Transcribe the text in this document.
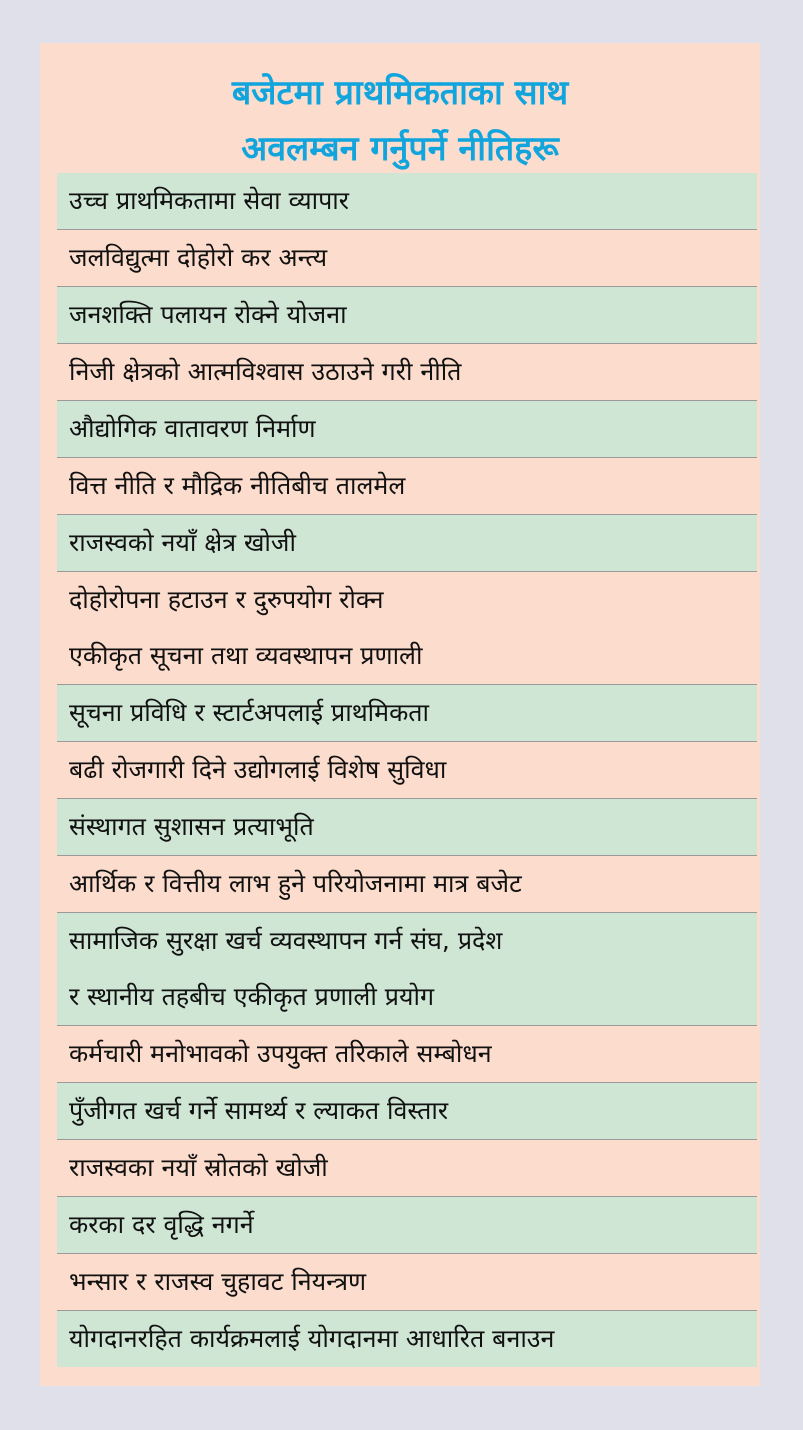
बजेटमा प्राथमिकताका साथ
अवलम्बन गर्नुपर्ने नीतिहरू
उच्च प्राथमिकतामा सेवा व्यापार
जलविद्युत्मा दोहोरो कर अन्त्य
जनशक्ति पलायन रोक्ने योजना
निजी क्षेत्रको आत्मविश्वास उठाउने गरी नीति
औद्योगिक वातावरण निर्माण
वित्त नीति र मौद्रिक नीतिबीच तालमेल
राजस्वको नयाँ क्षेत्र खोजी
दोहोरोपना हटाउन र दुरुपयोग रोक्न
एकीकृत सूचना तथा व्यवस्थापन प्रणाली
सूचना प्रविधि र स्टार्टअपलाई प्राथमिकता
बढी रोजगारी दिने उद्योगलाई विशेष सुविधा
संस्थागत सुशासन प्रत्याभूति
आर्थिक र वित्तीय लाभ हुने परियोजनामा मात्र बजेट
सामाजिक सुरक्षा खर्च व्यवस्थापन गर्न संघ, प्रदेश
र स्थानीय तहबीच एकीकृत प्रणाली प्रयोग
कर्मचारी मनोभावको उपयुक्त तरिकाले सम्बोधन
पुँजीगत खर्च गर्ने सामर्थ्य र ल्याकत विस्तार
राजस्वका नयाँ स्रोतको खोजी
करका दर वृद्धि नगर्ने
भन्सार र राजस्व चुहावट नियन्त्रण
योगदानरहित कार्यक्रमलाई योगदानमा आधारित बनाउन
